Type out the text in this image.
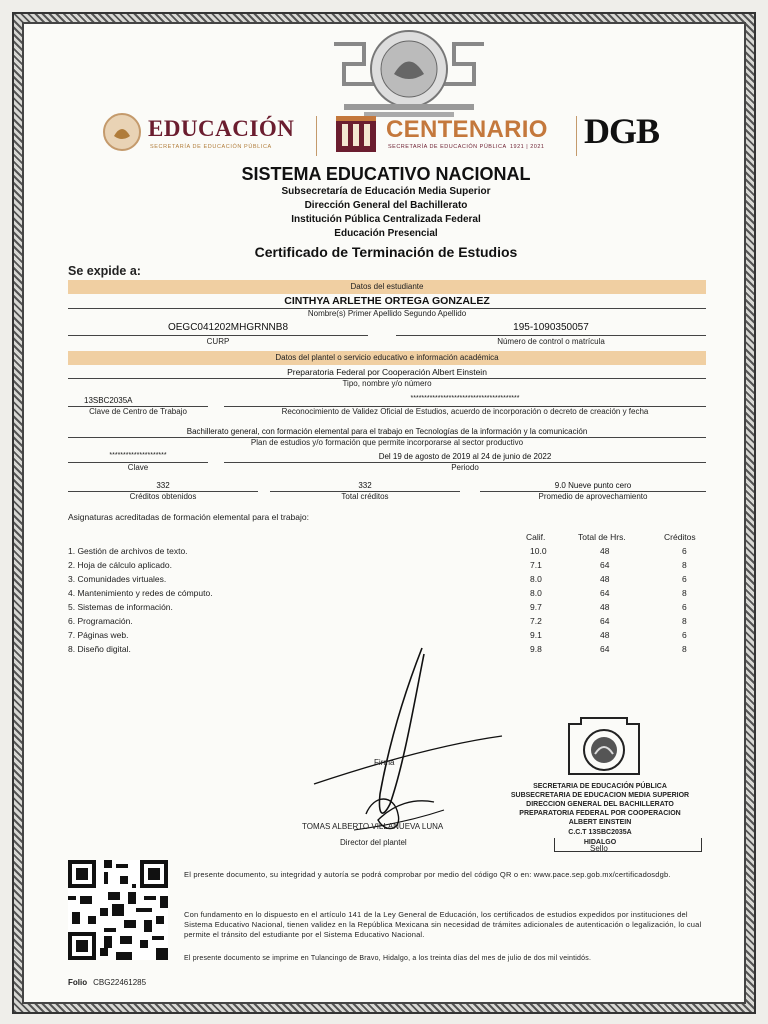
EDUCACIÓN
SECRETARÍA DE EDUCACIÓN PÚBLICA
CENTENARIO
SECRETARÍA DE EDUCACIÓN PÚBLICA 1921 | 2021 DGB
SISTEMA EDUCATIVO NACIONAL
Subsecretaría de Educación Media Superior
Dirección General del Bachillerato
Institución Pública Centralizada Federal
Educación Presencial
Certificado de Terminación de Estudios
Se expide a:
Datos del estudiante
CINTHYA ARLETHE ORTEGA GONZALEZ
Nombre(s) Primer Apellido Segundo Apellido
OEGC041202MHGRNNB8
CURP
195-1090350057
Número de control o matrícula
Datos del plantel o servicio educativo e información académica
Preparatoria Federal por Cooperación Albert Einstein
Tipo, nombre y/o número
13SBC2035A
Clave de Centro de Trabajo
****************************************
Reconocimiento de Validez Oficial de Estudios, acuerdo de incorporación o decreto de creación y fecha
Bachillerato general, con formación elemental para el trabajo en Tecnologías de la información y la comunicación
Plan de estudios y/o formación que permite incorporarse al sector productivo
*********************
Clave
Del 19 de agosto de 2019 al 24 de junio de 2022
Periodo
332
Créditos obtenidos
332
Total créditos
9.0 Nueve punto cero
Promedio de aprovechamiento
Asignaturas acreditadas de formación elemental para el trabajo:
Calif.	Total de Hrs.	Créditos
1. Gestión de archivos de texto.	10.0	48	6
2. Hoja de cálculo aplicado.	7.1	64	8
3. Comunidades virtuales.	8.0	48	6
4. Mantenimiento y redes de cómputo.	8.0	64	8
5. Sistemas de información.	9.7	48	6
6. Programación.	7.2	64	8
7. Páginas web.	9.1	48	6
8. Diseño digital.	9.8	64	8
Firma
TOMAS ALBERTO VILLANUEVA LUNA
Director del plantel
SECRETARIA DE EDUCACIÓN PÚBLICA
SUBSECRETARIA DE EDUCACION MEDIA SUPERIOR
DIRECCION GENERAL DEL BACHILLERATO
PREPARATORIA FEDERAL POR COOPERACION
ALBERT EINSTEIN
C.C.T 13SBC2035A
HIDALGO
Sello
El presente documento, su integridad y autoría se podrá comprobar por medio del código QR o en: www.pace.sep.gob.mx/certificadosdgb.
Con fundamento en lo dispuesto en el artículo 141 de la Ley General de Educación, los certificados de estudios expedidos por instituciones del Sistema Educativo Nacional, tienen validez en la República Mexicana sin necesidad de trámites adicionales de autenticación o legalización, lo cual permite el tránsito del estudiante por el Sistema Educativo Nacional.
El presente documento se imprime en Tulancingo de Bravo, Hidalgo, a los treinta días del mes de julio de dos mil veintidós.
Folio CBG22461285
